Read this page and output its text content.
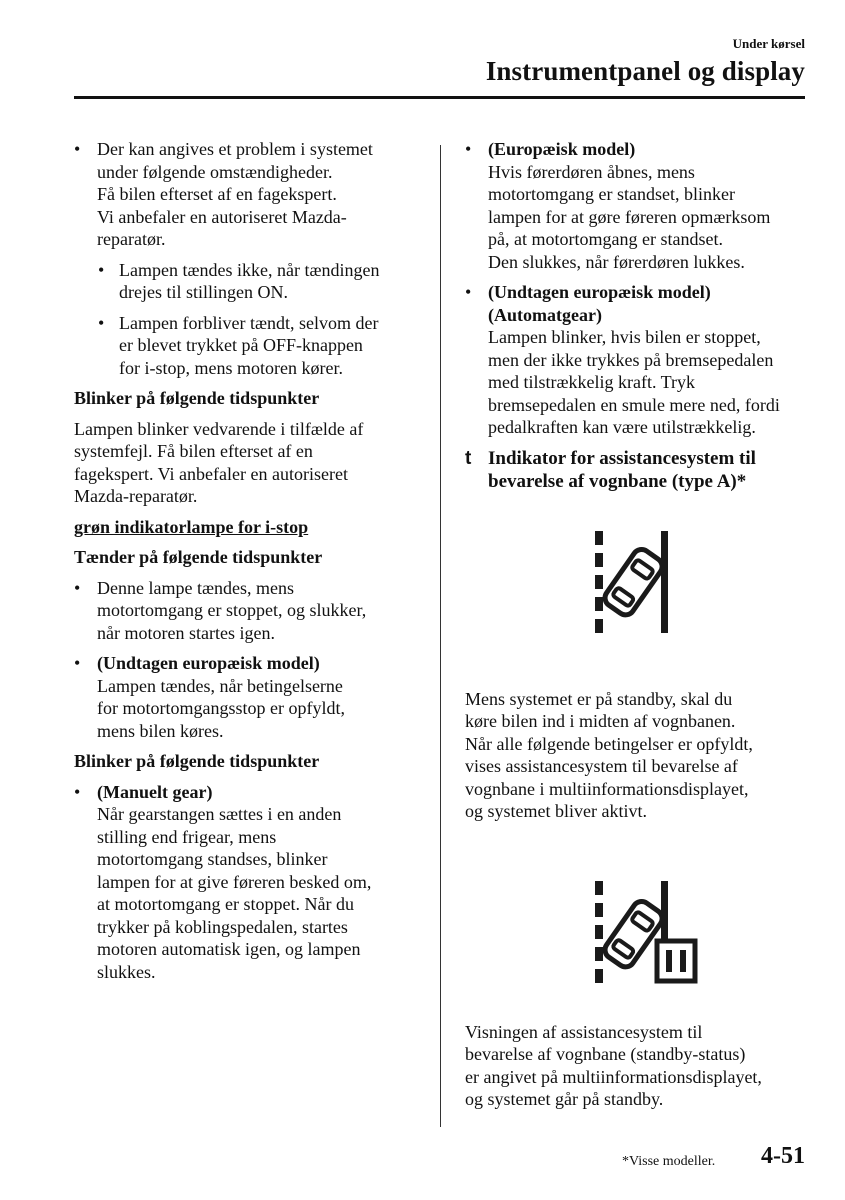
Under kørsel
Instrumentpanel og display
• Der kan angives et problem i systemet
under følgende omstændigheder.
Få bilen efterset af en fagekspert.
Vi anbefaler en autoriseret Mazda-
reparatør.
• Lampen tændes ikke, når tændingen
drejes til stillingen ON.
• Lampen forbliver tændt, selvom der
er blevet trykket på OFF-knappen
for i-stop, mens motoren kører.
Blinker på følgende tidspunkter
Lampen blinker vedvarende i tilfælde af
systemfejl. Få bilen efterset af en
fagekspert. Vi anbefaler en autoriseret
Mazda-reparatør.
grøn indikatorlampe for i-stop
Tænder på følgende tidspunkter
• Denne lampe tændes, mens
motortomgang er stoppet, og slukker,
når motoren startes igen.
• (Undtagen europæisk model)
Lampen tændes, når betingelserne
for motortomgangsstop er opfyldt,
mens bilen køres.
Blinker på følgende tidspunkter
• (Manuelt gear)
Når gearstangen sættes i en anden
stilling end frigear, mens
motortomgang standses, blinker
lampen for at give føreren besked om,
at motortomgang er stoppet. Når du
trykker på koblingspedalen, startes
motoren automatisk igen, og lampen
slukkes.
• (Europæisk model)
Hvis førerdøren åbnes, mens
motortomgang er standset, blinker
lampen for at gøre føreren opmærksom
på, at motortomgang er standset.
Den slukkes, når førerdøren lukkes.
• (Undtagen europæisk model)
(Automatgear)
Lampen blinker, hvis bilen er stoppet,
men der ikke trykkes på bremsepedalen
med tilstrækkelig kraft. Tryk
bremsepedalen en smule mere ned, fordi
pedalkraften kan være utilstrækkelig.
t Indikator for assistancesystem til
bevarelse af vognbane (type A)*
Mens systemet er på standby, skal du
køre bilen ind i midten af vognbanen.
Når alle følgende betingelser er opfyldt,
vises assistancesystem til bevarelse af
vognbane i multiinformationsdisplayet,
og systemet bliver aktivt.
Visningen af assistancesystem til
bevarelse af vognbane (standby-status)
er angivet på multiinformationsdisplayet,
og systemet går på standby.
*Visse modeller. 4-51
